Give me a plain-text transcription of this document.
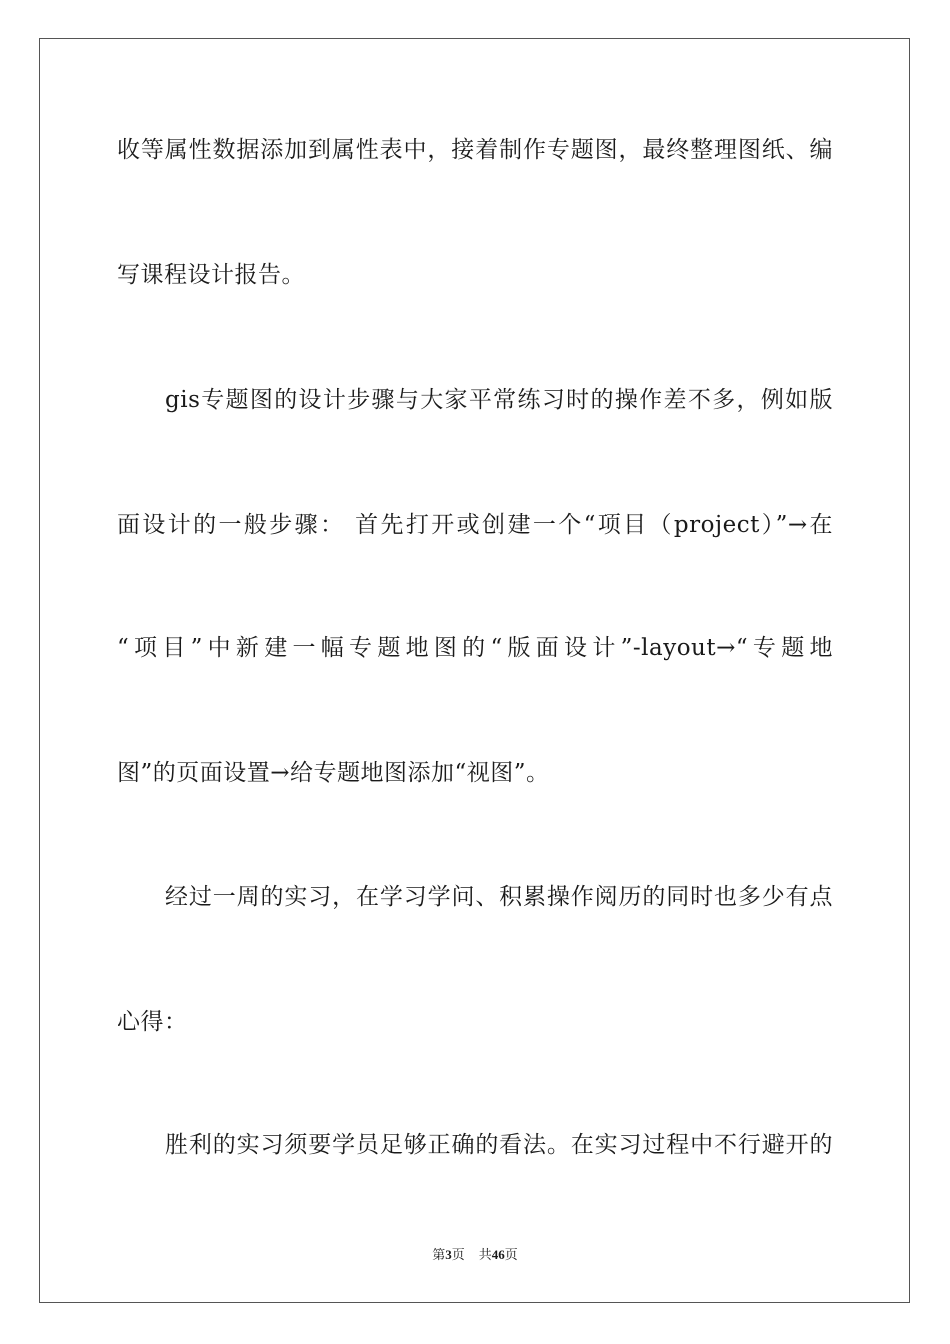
收等属性数据添加到属性表中，接着制作专题图，最终整理图纸、编
写课程设计报告。
gis专题图的设计步骤与大家平常练习时的操作差不多，例如版
面设计的一般步骤： 首先打开或创建一个“项目（project）”→在
“项目”中新建一幅专题地图的“版面设计”-layout→“专题地
图”的页面设置→给专题地图添加“视图”。
经过一周的实习，在学习学问、积累操作阅历的同时也多少有点
心得：
胜利的实习须要学员足够正确的看法。在实习过程中不行避开的
第3页 共46页
